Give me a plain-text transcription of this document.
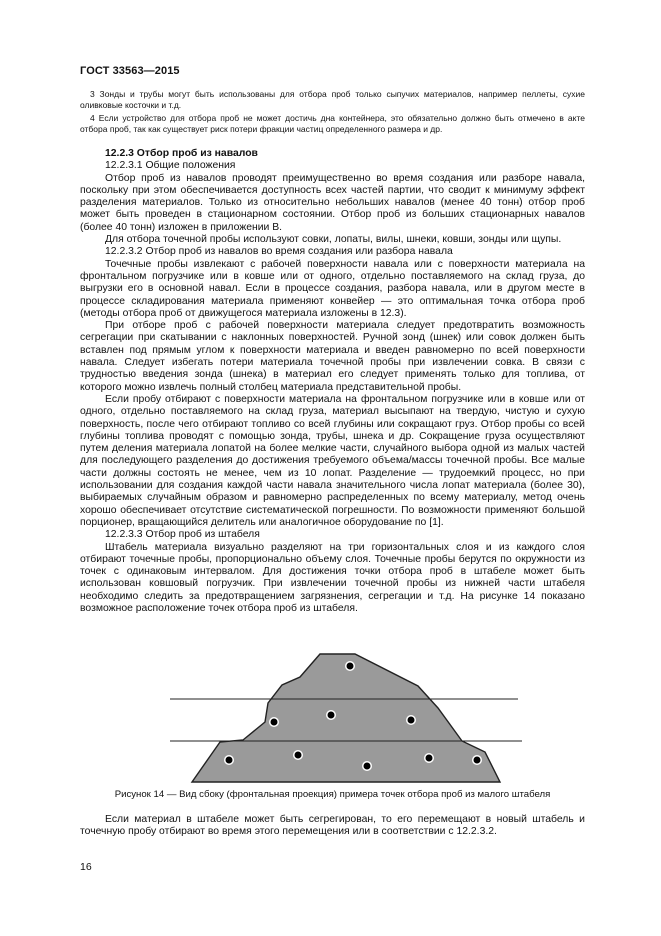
ГОСТ 33563—2015
3 Зонды и трубы могут быть использованы для отбора проб только сыпучих материалов, например пеллеты, сухие оливковые косточки и т.д.
4 Если устройство для отбора проб не может достичь дна контейнера, это обязательно должно быть отмечено в акте отбора проб, так как существует риск потери фракции частиц определенного размера и др.

12.2.3 Отбор проб из навалов

12.2.3.1 Общие положения

Отбор проб из навалов проводят преимущественно во время создания или разборе навала, поскольку при этом обеспечивается доступность всех частей партии, что сводит к минимуму эффект разделения материалов. Только из относительно небольших навалов (менее 40 тонн) отбор проб может быть проведен в стационарном состоянии. Отбор проб из больших стационарных навалов (более 40 тонн) изложен в приложении В.

Для отбора точечной пробы используют совки, лопаты, вилы, шнеки, ковши, зонды или щупы.

12.2.3.2 Отбор проб из навалов во время создания или разбора навала

Точечные пробы извлекают с рабочей поверхности навала или с поверхности материала на фронтальном погрузчике или в ковше или от одного, отдельно поставляемого на склад груза, до выгрузки его в основной навал. Если в процессе создания, разбора навала, или в другом месте в процессе складирования материала применяют конвейер — это оптимальная точка отбора проб (методы отбора проб от движущегося материала изложены в 12.3).

При отборе проб с рабочей поверхности материала следует предотвратить возможность сегрегации при скатывании с наклонных поверхностей. Ручной зонд (шнек) или совок должен быть вставлен под прямым углом к поверхности материала и введен равномерно по всей поверхности навала. Следует избегать потери материала точечной пробы при извлечении совка. В связи с трудностью введения зонда (шнека) в материал его следует применять только для топлива, от которого можно извлечь полный столбец материала представительной пробы.

Если пробу отбирают с поверхности материала на фронтальном погрузчике или в ковше или от одного, отдельно поставляемого на склад груза, материал высыпают на твердую, чистую и сухую поверхность, после чего отбирают топливо со всей глубины или сокращают груз. Отбор пробы со всей глубины топлива проводят с помощью зонда, трубы, шнека и др. Сокращение груза осуществляют путем деления материала лопатой на более мелкие части, случайного выбора одной из малых частей для последующего разделения до достижения требуемого объема/массы точечной пробы. Все малые части должны состоять не менее, чем из 10 лопат. Разделение — трудоемкий процесс, но при использовании для создания каждой части навала значительного числа лопат материала (более 30), выбираемых случайным образом и равномерно распределенных по всему материалу, метод очень хорошо обеспечивает отсутствие систематической погрешности. По возможности применяют большой порционер, вращающийся делитель или аналогичное оборудование по [1].

12.2.3.3 Отбор проб из штабеля

Штабель материала визуально разделяют на три горизонтальных слоя и из каждого слоя отбирают точечные пробы, пропорционально объему слоя. Точечные пробы берутся по окружности из точек с одинаковым интервалом. Для достижения точки отбора проб в штабеле может быть использован ковшовый погрузчик. При извлечении точечной пробы из нижней части штабеля необходимо следить за предотвращением загрязнения, сегрегации и т.д. На рисунке 14 показано возможное расположение точек отбора проб из штабеля.

Рисунок 14 — Вид сбоку (фронтальная проекция) примера точек отбора проб из малого штабеля

Если материал в штабеле может быть сегрегирован, то его перемещают в новый штабель и точечную пробу отбирают во время этого перемещения или в соответствии с 12.2.3.2.

16
